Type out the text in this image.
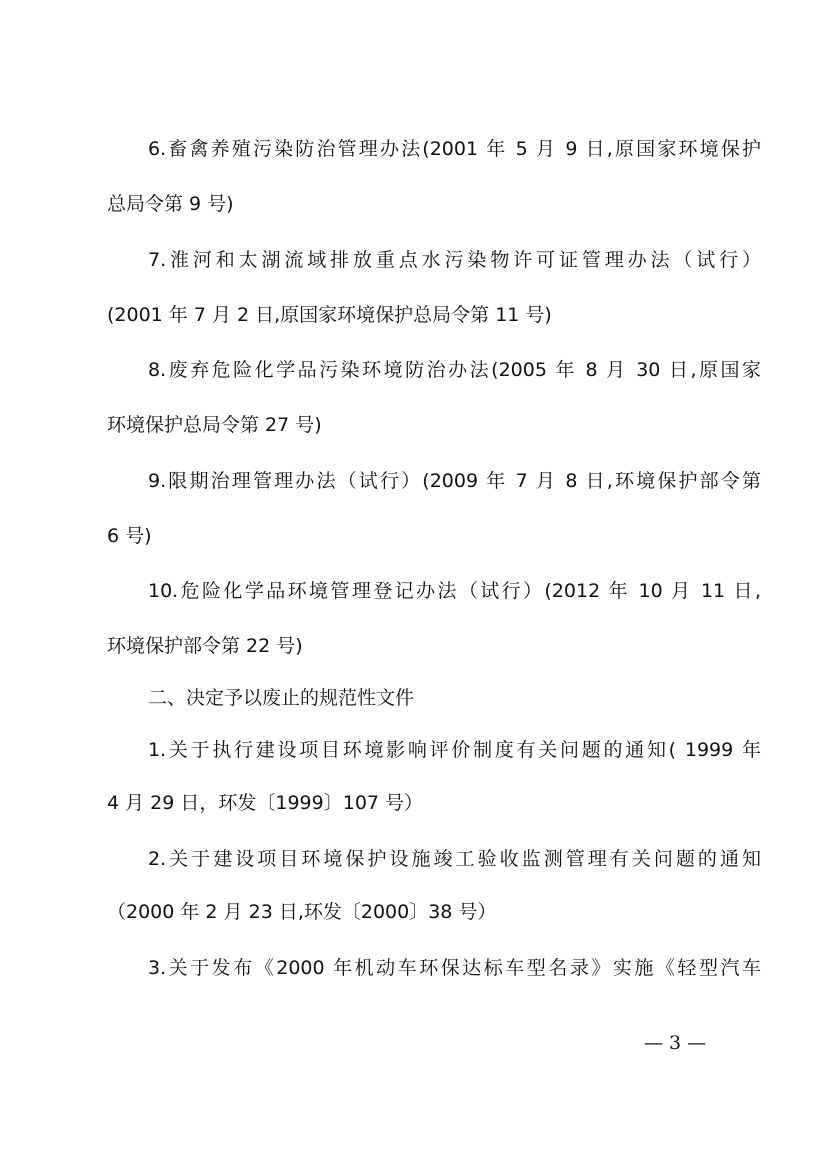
6.畜禽养殖污染防治管理办法(2001 年 5 月 9 日,原国家环境保护
总局令第 9 号)
7.淮河和太湖流域排放重点水污染物许可证管理办法（试行）
(2001 年 7 月 2 日,原国家环境保护总局令第 11 号)
8.废弃危险化学品污染环境防治办法(2005 年 8 月 30 日,原国家
环境保护总局令第 27 号)
9.限期治理管理办法（试行）(2009 年 7 月 8 日,环境保护部令第
6 号)
10.危险化学品环境管理登记办法（试行）(2012 年 10 月 11 日,
环境保护部令第 22 号)
二、决定予以废止的规范性文件
1.关于执行建设项目环境影响评价制度有关问题的通知( 1999 年
4 月 29 日，环发〔1999〕107 号）
2.关于建设项目环境保护设施竣工验收监测管理有关问题的通知
（2000 年 2 月 23 日,环发〔2000〕38 号）
3.关于发布《2000 年机动车环保达标车型名录》实施《轻型汽车
— 3 —
